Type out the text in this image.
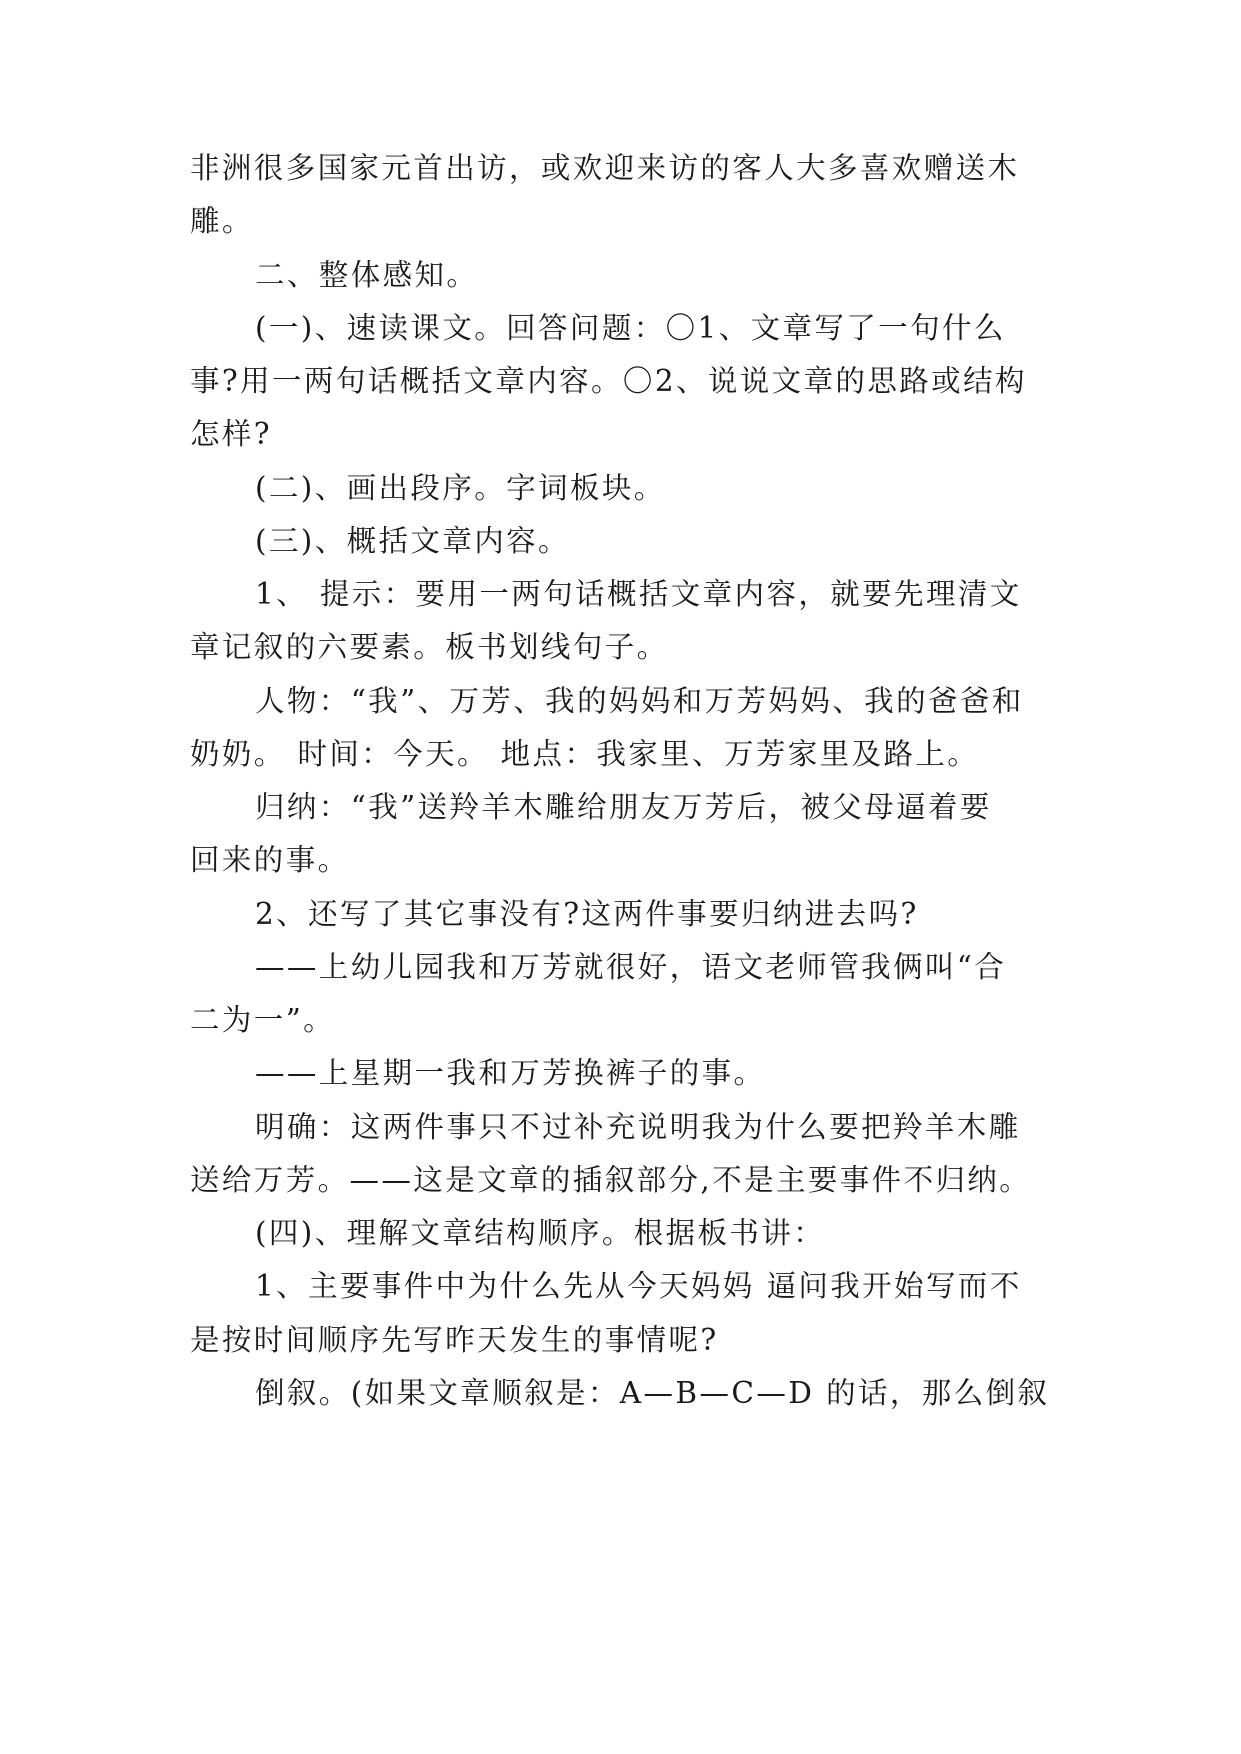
非洲很多国家元首出访，或欢迎来访的客人大多喜欢赠送木
雕。
二、整体感知。
(一)、速读课文。回答问题：〇1、文章写了一句什么
事?用一两句话概括文章内容。〇2、说说文章的思路或结构
怎样?
(二)、画出段序。字词板块。
(三)、概括文章内容。
1、 提示：要用一两句话概括文章内容，就要先理清文
章记叙的六要素。板书划线句子。
人物：“我”、万芳、我的妈妈和万芳妈妈、我的爸爸和
奶奶。 时间：今天。 地点：我家里、万芳家里及路上。
归纳：“我”送羚羊木雕给朋友万芳后，被父母逼着要
回来的事。
2、还写了其它事没有?这两件事要归纳进去吗?
——上幼儿园我和万芳就很好，语文老师管我俩叫“合
二为一”。
——上星期一我和万芳换裤子的事。
明确：这两件事只不过补充说明我为什么要把羚羊木雕
送给万芳。——这是文章的插叙部分,不是主要事件不归纳。
(四)、理解文章结构顺序。根据板书讲：
1、主要事件中为什么先从今天妈妈 逼问我开始写而不
是按时间顺序先写昨天发生的事情呢?
倒叙。(如果文章顺叙是：A—B—C—D 的话，那么倒叙
